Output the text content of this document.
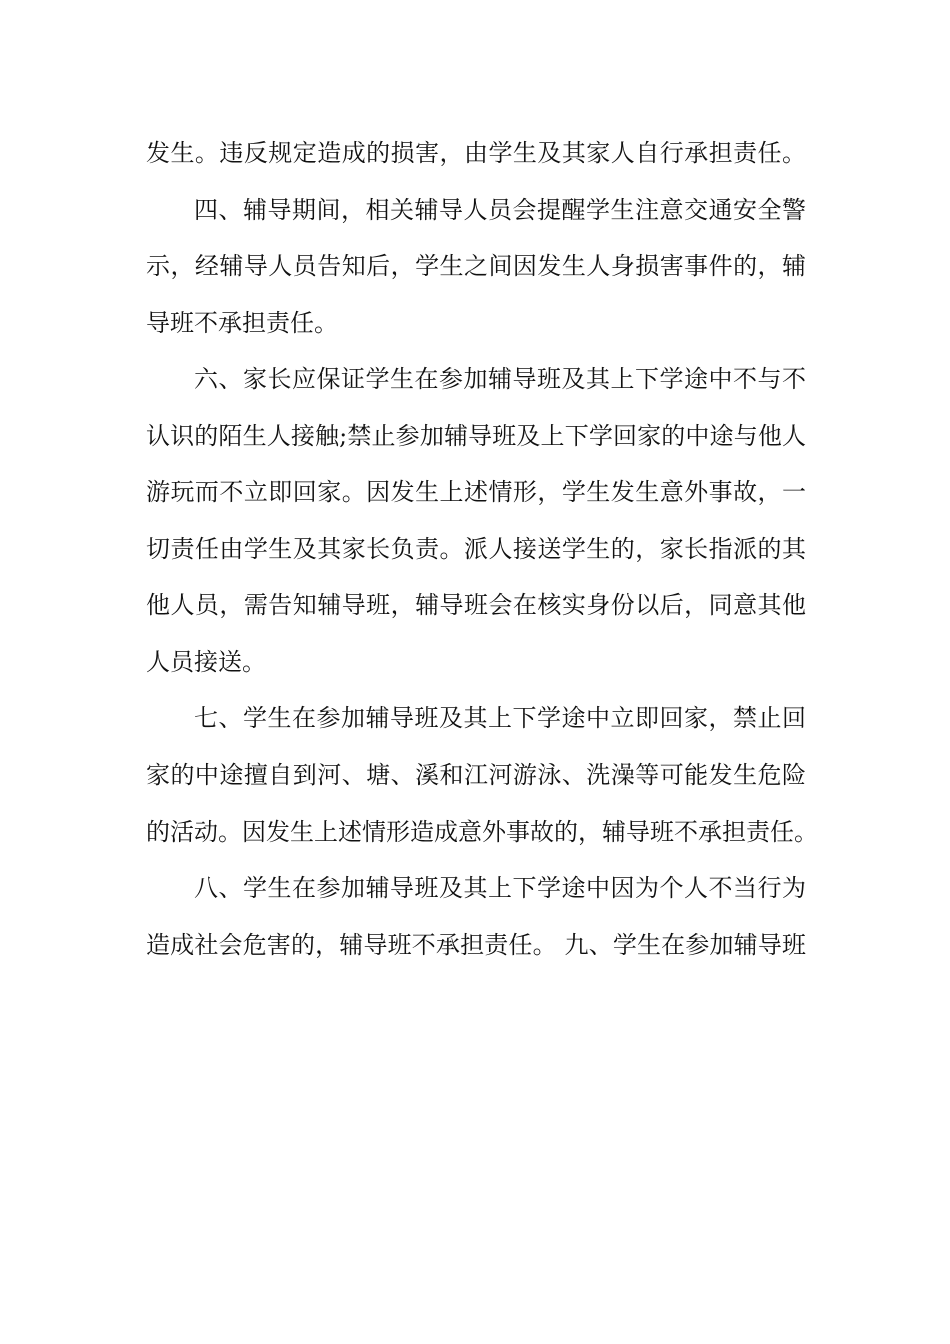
发生。违反规定造成的损害，由学生及其家人自行承担责任。
四、辅导期间，相关辅导人员会提醒学生注意交通安全警
示，经辅导人员告知后，学生之间因发生人身损害事件的，辅
导班不承担责任。
六、家长应保证学生在参加辅导班及其上下学途中不与不
认识的陌生人接触;禁止参加辅导班及上下学回家的中途与他人
游玩而不立即回家。因发生上述情形，学生发生意外事故，一
切责任由学生及其家长负责。派人接送学生的，家长指派的其
他人员，需告知辅导班，辅导班会在核实身份以后，同意其他
人员接送。
七、学生在参加辅导班及其上下学途中立即回家，禁止回
家的中途擅自到河、塘、溪和江河游泳、洗澡等可能发生危险
的活动。因发生上述情形造成意外事故的，辅导班不承担责任。
八、学生在参加辅导班及其上下学途中因为个人不当行为
造成社会危害的，辅导班不承担责任。 九、学生在参加辅导班
